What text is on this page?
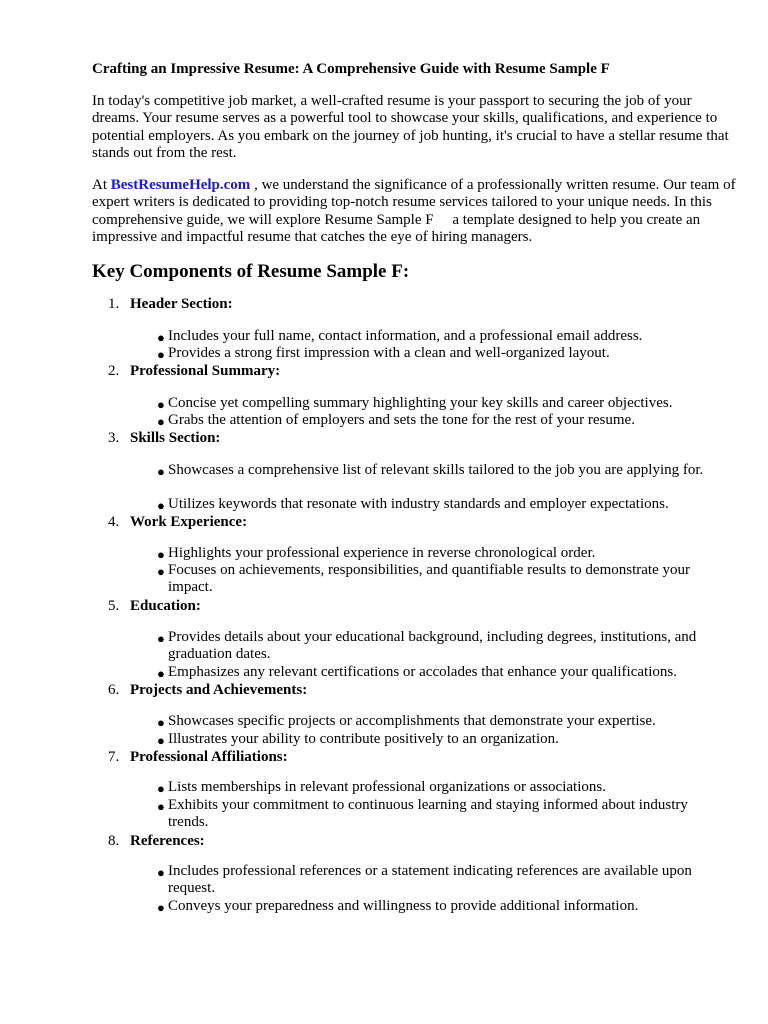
Crafting an Impressive Resume: A Comprehensive Guide with Resume Sample F
In today's competitive job market, a well-crafted resume is your passport to securing the job of your dreams. Your resume serves as a powerful tool to showcase your skills, qualifications, and experience to potential employers. As you embark on the journey of job hunting, it's crucial to have a stellar resume that stands out from the rest.
At BestResumeHelp.com , we understand the significance of a professionally written resume. Our team of expert writers is dedicated to providing top-notch resume services tailored to your unique needs. In this comprehensive guide, we will explore Resume Sample F  a template designed to help you create an impressive and impactful resume that catches the eye of hiring managers.
Key Components of Resume Sample F:
1. Header Section:
● Includes your full name, contact information, and a professional email address.
● Provides a strong first impression with a clean and well-organized layout.
2. Professional Summary:
● Concise yet compelling summary highlighting your key skills and career objectives.
● Grabs the attention of employers and sets the tone for the rest of your resume.
3. Skills Section:
● Showcases a comprehensive list of relevant skills tailored to the job you are applying for.
● Utilizes keywords that resonate with industry standards and employer expectations.
4. Work Experience:
● Highlights your professional experience in reverse chronological order.
● Focuses on achievements, responsibilities, and quantifiable results to demonstrate your impact.
5. Education:
● Provides details about your educational background, including degrees, institutions, and graduation dates.
● Emphasizes any relevant certifications or accolades that enhance your qualifications.
6. Projects and Achievements:
● Showcases specific projects or accomplishments that demonstrate your expertise.
● Illustrates your ability to contribute positively to an organization.
7. Professional Affiliations:
● Lists memberships in relevant professional organizations or associations.
● Exhibits your commitment to continuous learning and staying informed about industry trends.
8. References:
● Includes professional references or a statement indicating references are available upon request.
● Conveys your preparedness and willingness to provide additional information.
